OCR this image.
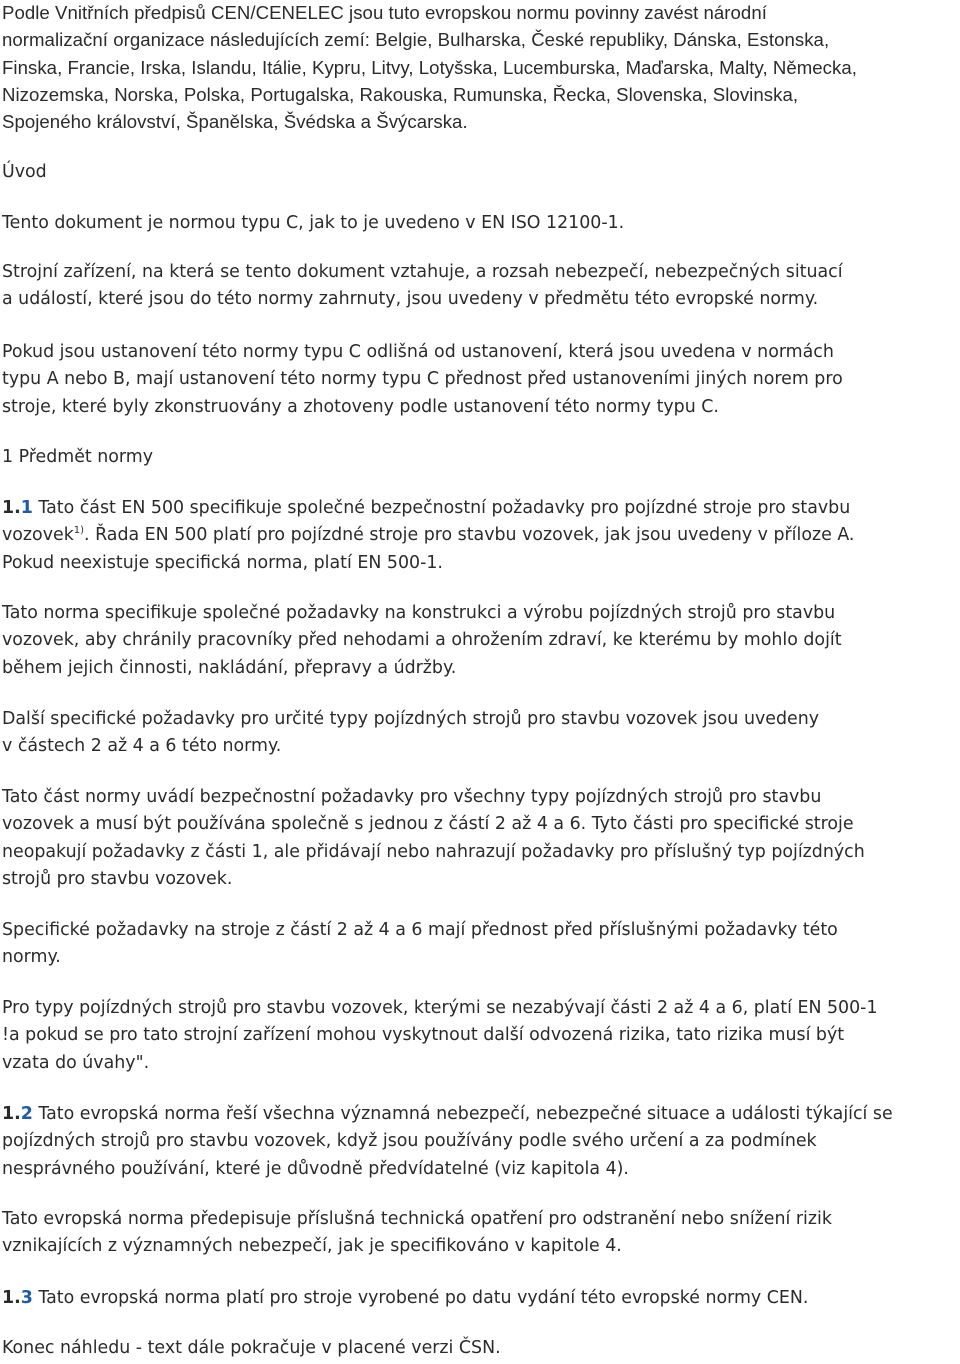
Podle Vnitřních předpisů CEN/CENELEC jsou tuto evropskou normu povinny zavést národní
normalizační organizace následujících zemí: Belgie, Bulharska, České republiky, Dánska, Estonska,
Finska, Francie, Irska, Islandu, Itálie, Kypru, Litvy, Lotyšska, Lucemburska, Maďarska, Malty, Německa,
Nizozemska, Norska, Polska, Portugalska, Rakouska, Rumunska, Řecka, Slovenska, Slovinska,
Spojeného království, Španělska, Švédska a Švýcarska.
Úvod
Tento dokument je normou typu C, jak to je uvedeno v EN ISO 12100-1.
Strojní zařízení, na která se tento dokument vztahuje, a rozsah nebezpečí, nebezpečných situací
a událostí, které jsou do této normy zahrnuty, jsou uvedeny v předmětu této evropské normy.
Pokud jsou ustanovení této normy typu C odlišná od ustanovení, která jsou uvedena v normách
typu A nebo B, mají ustanovení této normy typu C přednost před ustanoveními jiných norem pro
stroje, které byly zkonstruovány a zhotoveny podle ustanovení této normy typu C.
1 Předmět normy
1.1 Tato část EN 500 specifikuje společné bezpečnostní požadavky pro pojízdné stroje pro stavbu
vozovek$^{1)}$. Řada EN 500 platí pro pojízdné stroje pro stavbu vozovek, jak jsou uvedeny v příloze A.
Pokud neexistuje specifická norma, platí EN 500-1.
Tato norma specifikuje společné požadavky na konstrukci a výrobu pojízdných strojů pro stavbu
vozovek, aby chránily pracovníky před nehodami a ohrožením zdraví, ke kterému by mohlo dojít
během jejich činnosti, nakládání, přepravy a údržby.
Další specifické požadavky pro určité typy pojízdných strojů pro stavbu vozovek jsou uvedeny
v částech 2 až 4 a 6 této normy.
Tato část normy uvádí bezpečnostní požadavky pro všechny typy pojízdných strojů pro stavbu
vozovek a musí být používána společně s jednou z částí 2 až 4 a 6. Tyto části pro specifické stroje
neopakují požadavky z části 1, ale přidávají nebo nahrazují požadavky pro příslušný typ pojízdných
strojů pro stavbu vozovek.
Specifické požadavky na stroje z částí 2 až 4 a 6 mají přednost před příslušnými požadavky této
normy.
Pro typy pojízdných strojů pro stavbu vozovek, kterými se nezabývají části 2 až 4 a 6, platí EN 500-1
!a pokud se pro tato strojní zařízení mohou vyskytnout další odvozená rizika, tato rizika musí být
vzata do úvahy".
1.2 Tato evropská norma řeší všechna významná nebezpečí, nebezpečné situace a události týkající se
pojízdných strojů pro stavbu vozovek, když jsou používány podle svého určení a za podmínek
nesprávného používání, které je důvodně předvídatelné (viz kapitola 4).
Tato evropská norma předepisuje příslušná technická opatření pro odstranění nebo snížení rizik
vznikajících z významných nebezpečí, jak je specifikováno v kapitole 4.
1.3 Tato evropská norma platí pro stroje vyrobené po datu vydání této evropské normy CEN.
Konec náhledu - text dále pokračuje v placené verzi ČSN.
